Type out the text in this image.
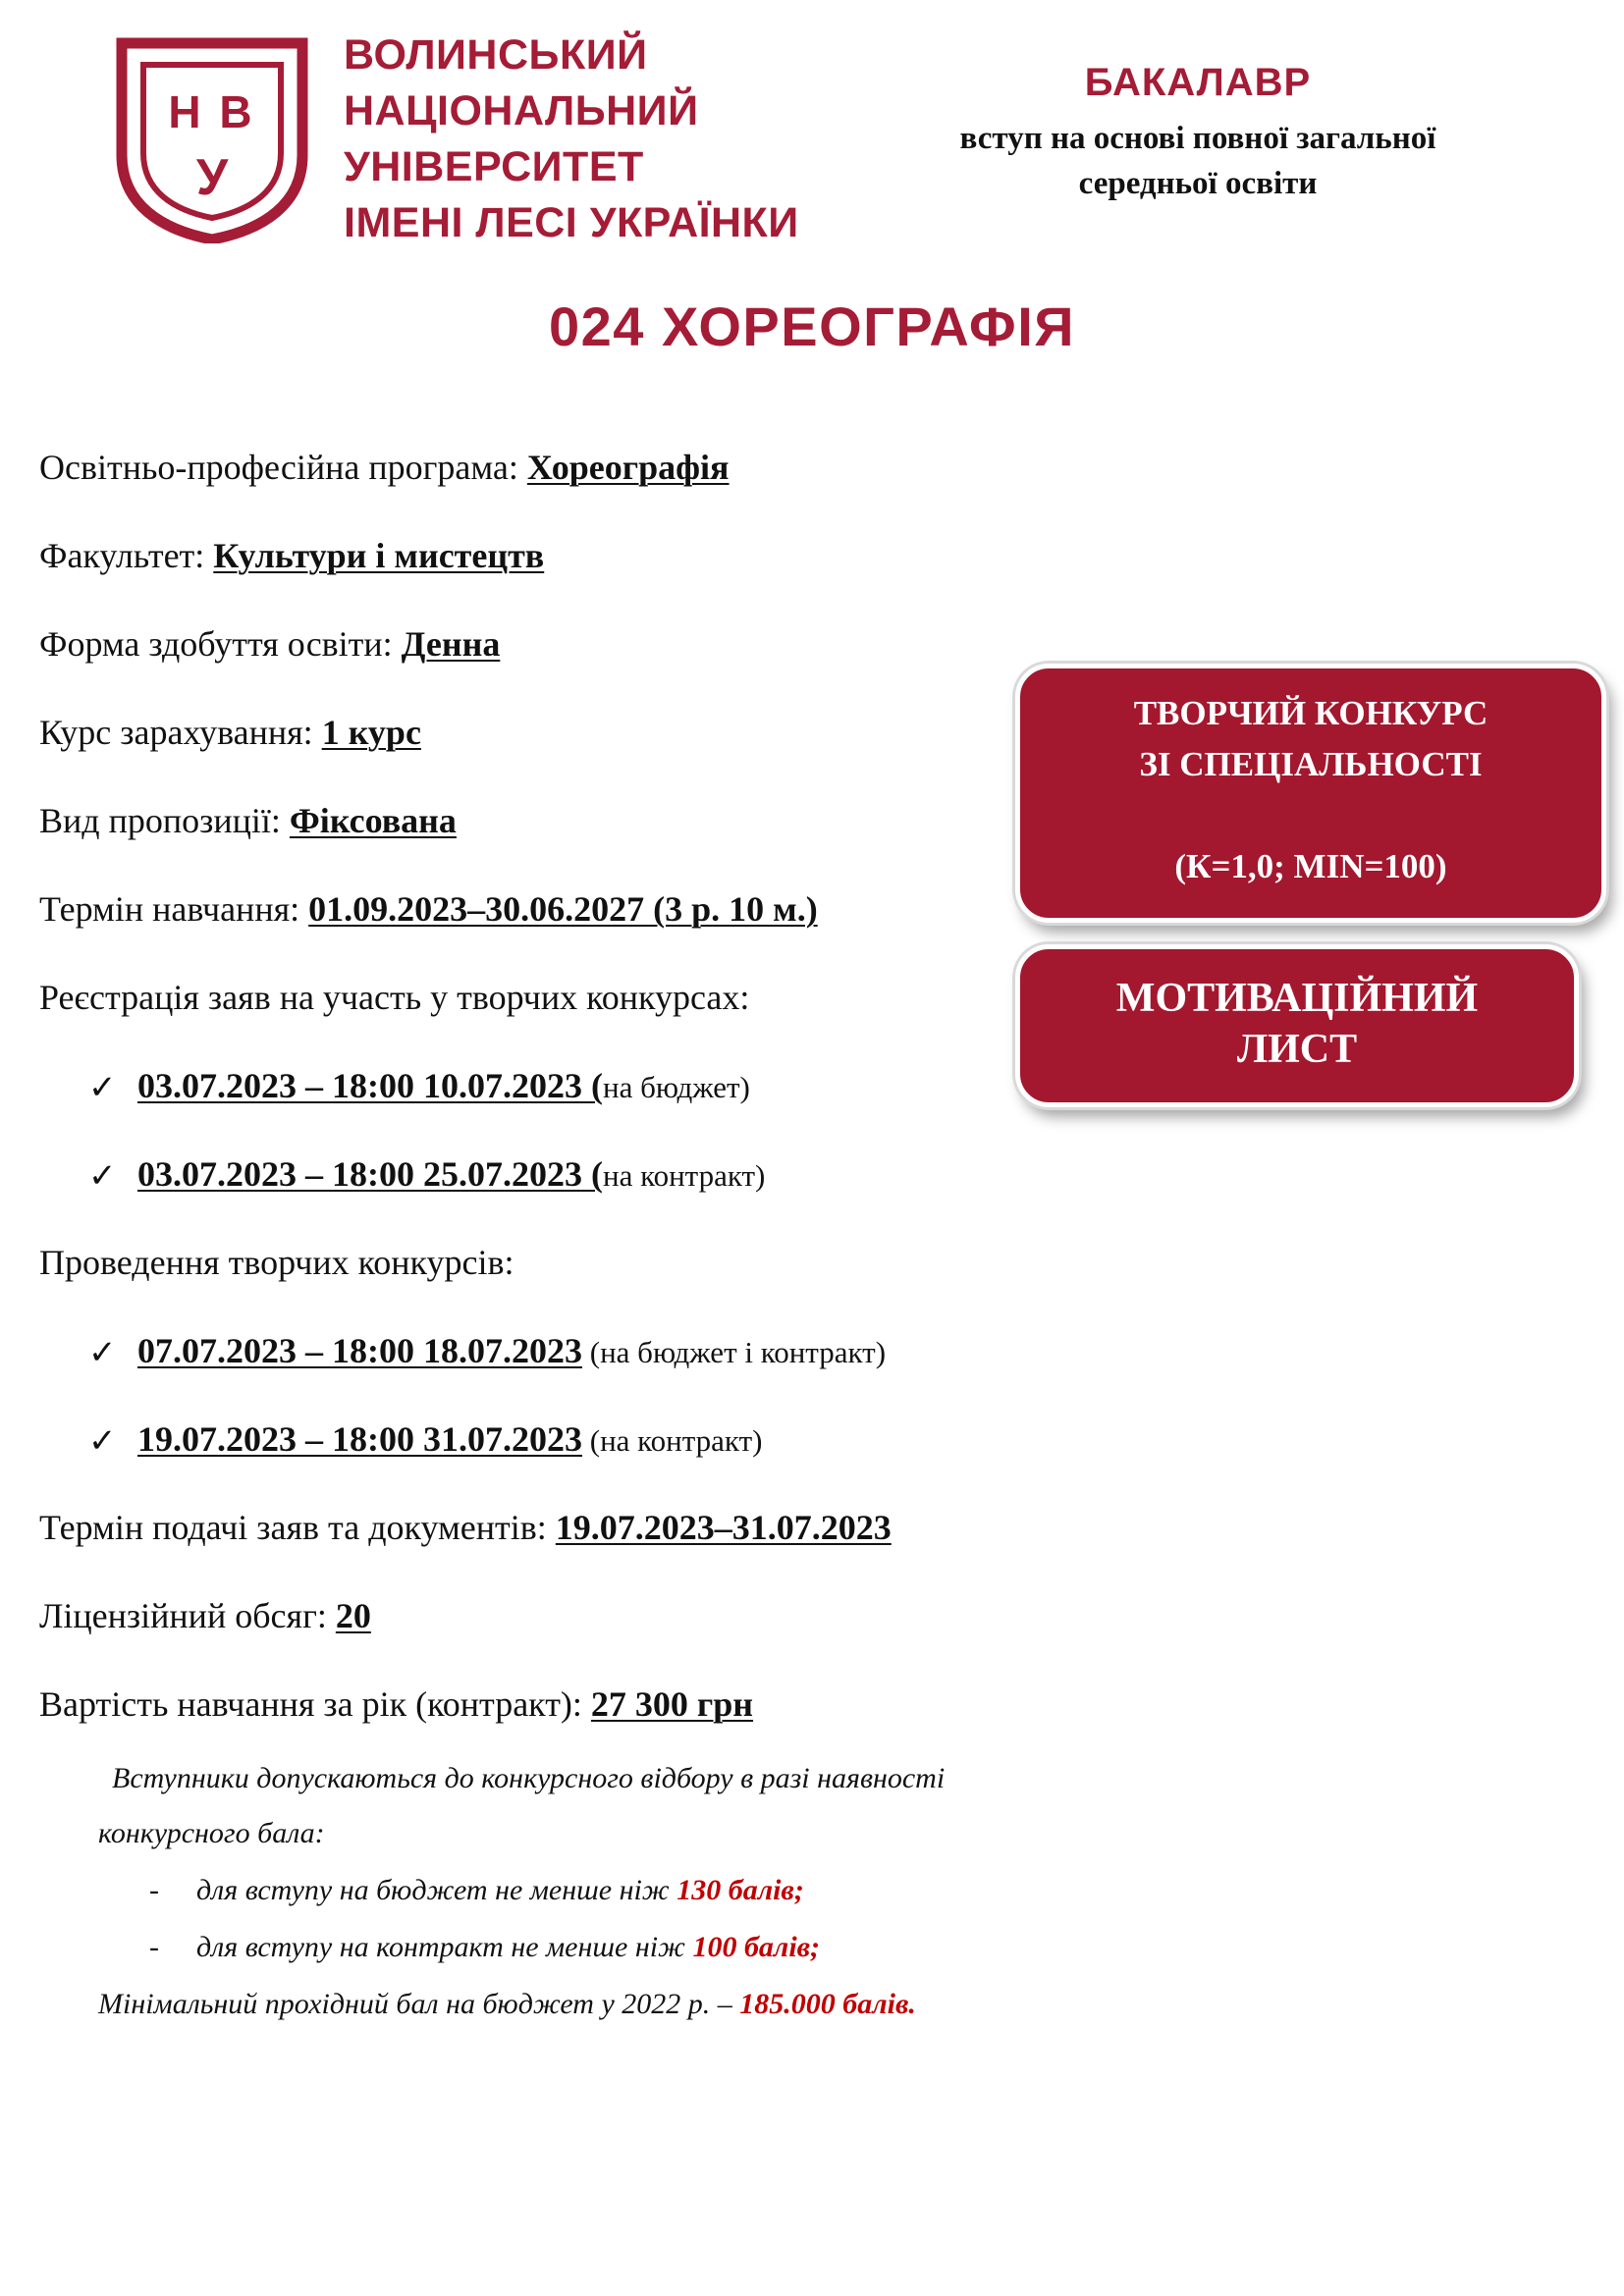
Н В
У
ВОЛИНСЬКИЙ
НАЦІОНАЛЬНИЙ
УНІВЕРСИТЕТ
ІМЕНІ ЛЕСІ УКРАЇНКИ
БАКАЛАВР
вступ на основі повної загальної
середньої освіти
024 ХОРЕОГРАФІЯ
Освітньо-професійна програма: Хореографія
Факультет: Культури і мистецтв
Форма здобуття освіти: Денна
Курс зарахування: 1 курс
Вид пропозиції: Фіксована
Термін навчання: 01.09.2023–30.06.2027 (3 р. 10 м.)
Реєстрація заяв на участь у творчих конкурсах:
✓ 03.07.2023 – 18:00 10.07.2023 (на бюджет)
✓ 03.07.2023 – 18:00 25.07.2023 (на контракт)
Проведення творчих конкурсів:
✓ 07.07.2023 – 18:00 18.07.2023 (на бюджет і контракт)
✓ 19.07.2023 – 18:00 31.07.2023 (на контракт)
Термін подачі заяв та документів: 19.07.2023–31.07.2023
Ліцензійний обсяг: 20
Вартість навчання за рік (контракт): 27 300 грн
ТВОРЧИЙ КОНКУРС
ЗІ СПЕЦІАЛЬНОСТІ
(К=1,0; MIN=100)
МОТИВАЦІЙНИЙ
ЛИСТ
Вступники допускаються до конкурсного відбору в разі наявності
конкурсного бала:
- для вступу на бюджет не менше ніж 130 балів;
- для вступу на контракт не менше ніж 100 балів;
Мінімальний прохідний бал на бюджет у 2022 р. – 185.000 балів.
